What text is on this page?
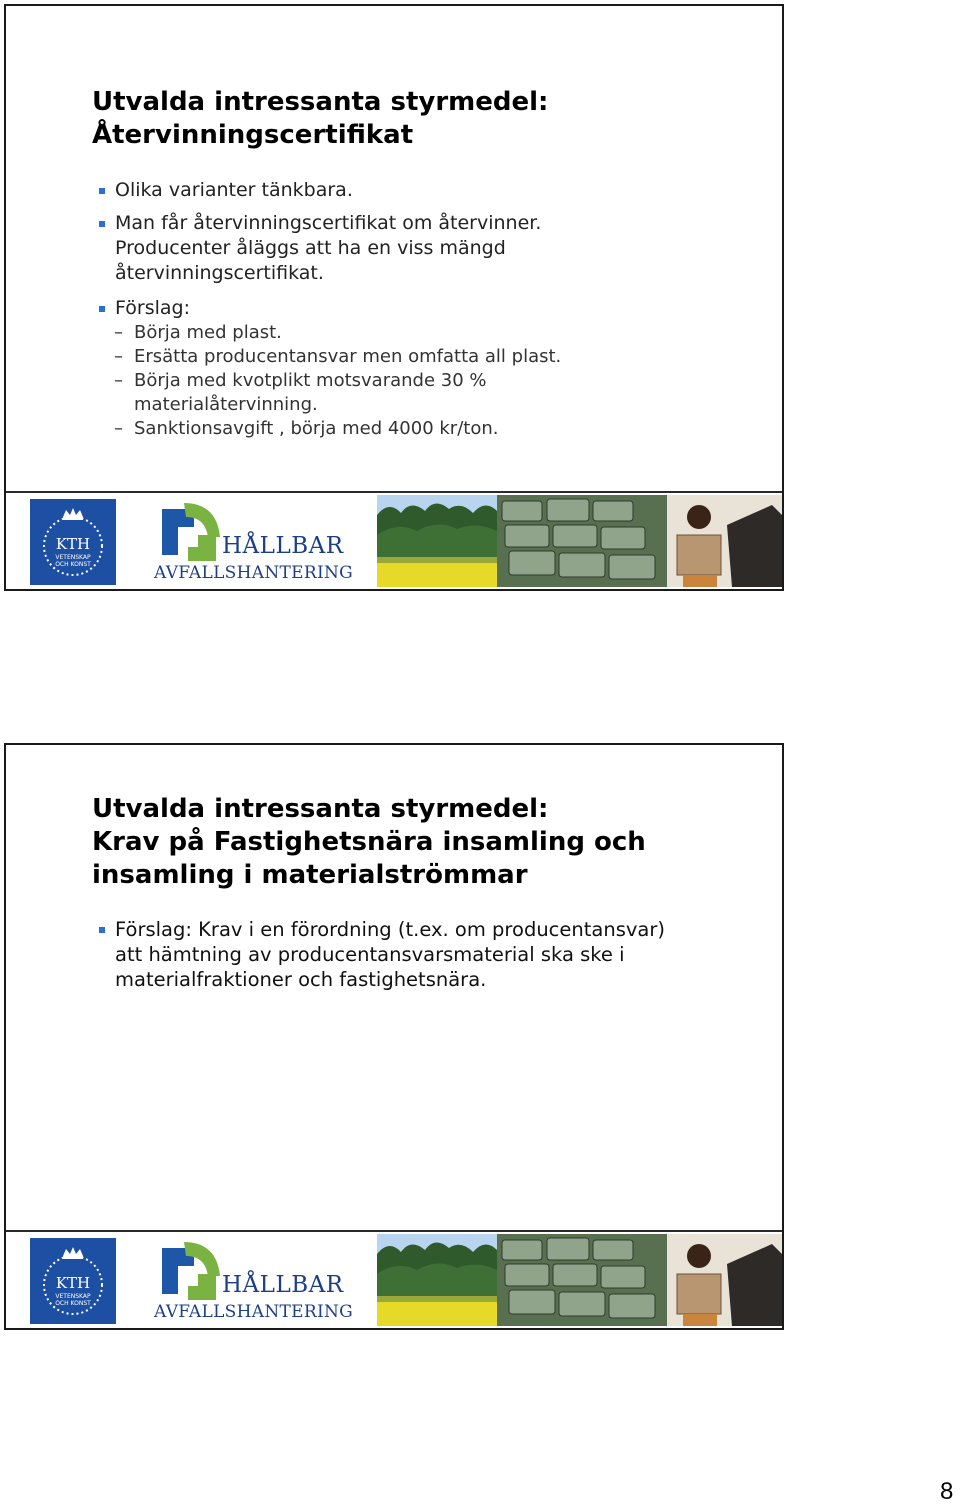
Utvalda intressanta styrmedel:
Återvinningscertifikat
Olika varianter tänkbara.
Man får återvinningscertifikat om återvinner. Producenter åläggs att ha en viss mängd återvinningscertifikat.
Förslag:
– Börja med plast.
– Ersätta producentansvar men omfatta all plast.
– Börja med kvotplikt motsvarande 30 % materialåtervinning.
– Sanktionsavgift , börja med 4000 kr/ton.
KTH
VETENSKAP
OCH KONST
HÅLLBAR
AVFALLSHANTERING
Utvalda intressanta styrmedel:
Krav på Fastighetsnära insamling och
insamling i materialströmmar
Förslag: Krav i en förordning (t.ex. om producentansvar) att hämtning av producentansvarsmaterial ska ske i materialfraktioner och fastighetsnära.
KTH
VETENSKAP
OCH KONST
HÅLLBAR
AVFALLSHANTERING
8
